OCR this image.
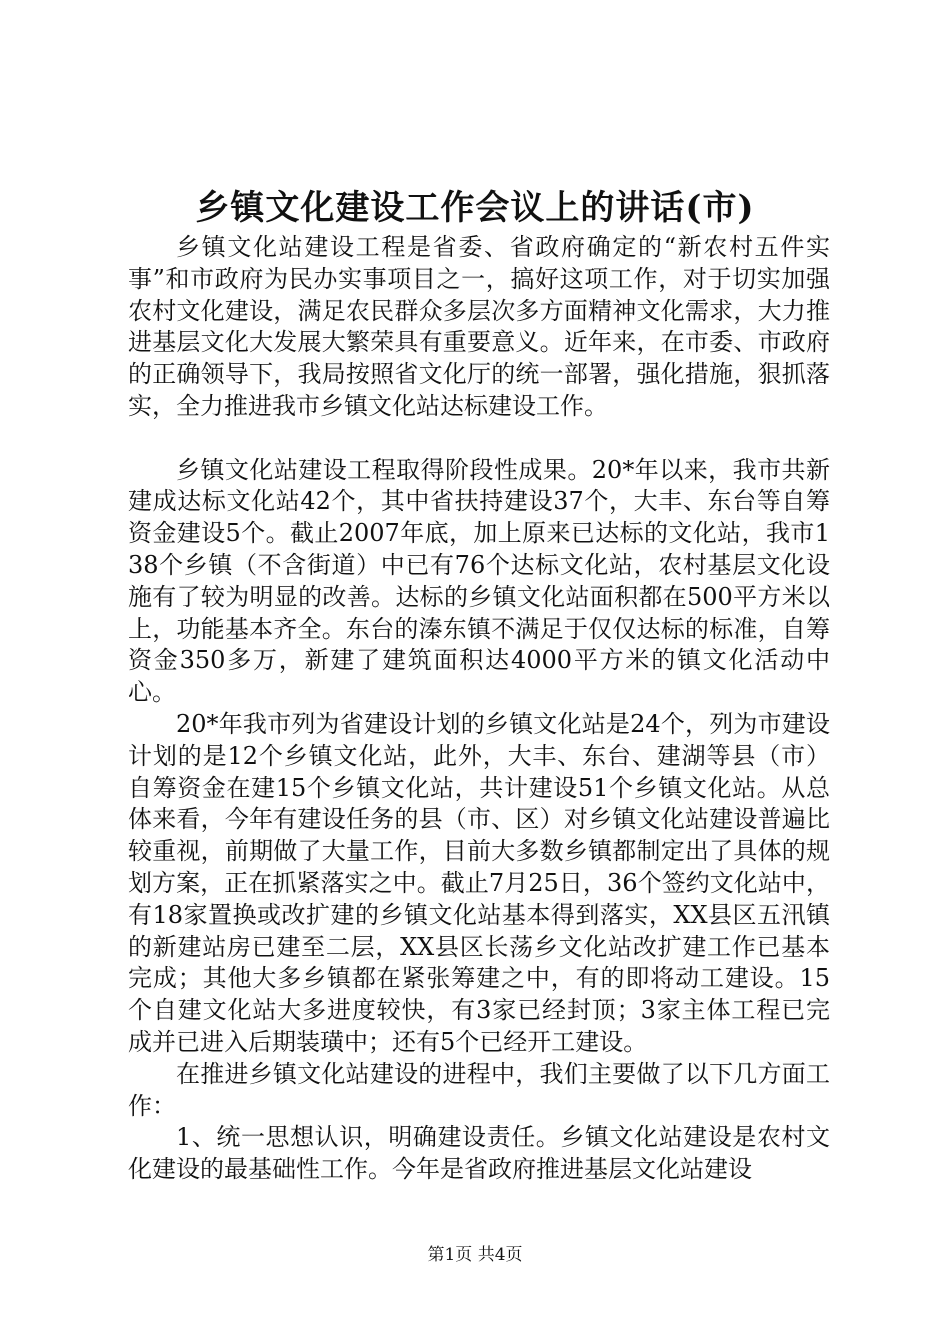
乡镇文化建设工作会议上的讲话(市)

乡镇文化站建设工程是省委、省政府确定的“新农村五件实事”和市政府为民办实事项目之一，搞好这项工作，对于切实加强农村文化建设，满足农民群众多层次多方面精神文化需求，大力推进基层文化大发展大繁荣具有重要意义。近年来，在市委、市政府的正确领导下，我局按照省文化厅的统一部署，强化措施，狠抓落实，全力推进我市乡镇文化站达标建设工作。

乡镇文化站建设工程取得阶段性成果。20*年以来，我市共新建成达标文化站42个，其中省扶持建设37个，大丰、东台等自筹资金建设5个。截止2007年底，加上原来已达标的文化站，我市138个乡镇（不含街道）中已有76个达标文化站，农村基层文化设施有了较为明显的改善。达标的乡镇文化站面积都在500平方米以上，功能基本齐全。东台的溱东镇不满足于仅仅达标的标准，自筹资金350多万，新建了建筑面积达4000平方米的镇文化活动中心。

20*年我市列为省建设计划的乡镇文化站是24个，列为市建设计划的是12个乡镇文化站，此外，大丰、东台、建湖等县（市）自筹资金在建15个乡镇文化站，共计建设51个乡镇文化站。从总体来看，今年有建设任务的县（市、区）对乡镇文化站建设普遍比较重视，前期做了大量工作，目前大多数乡镇都制定出了具体的规划方案，正在抓紧落实之中。截止7月25日，36个签约文化站中，有18家置换或改扩建的乡镇文化站基本得到落实，XX县区五汛镇的新建站房已建至二层，XX县区长荡乡文化站改扩建工作已基本完成；其他大多乡镇都在紧张筹建之中，有的即将动工建设。15个自建文化站大多进度较快，有3家已经封顶；3家主体工程已完成并已进入后期装璜中；还有5个已经开工建设。

在推进乡镇文化站建设的进程中，我们主要做了以下几方面工作：

1、统一思想认识，明确建设责任。乡镇文化站建设是农村文化建设的最基础性工作。今年是省政府推进基层文化站建设

第1页 共4页
